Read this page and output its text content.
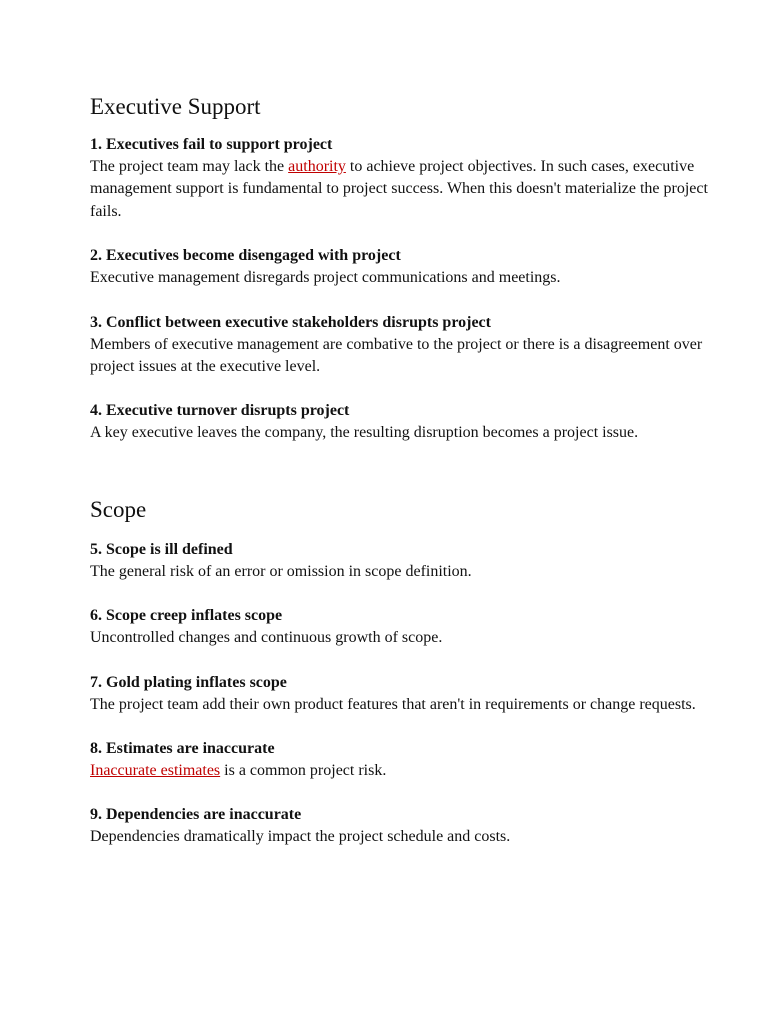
Executive Support

1. Executives fail to support project

The project team may lack the authority to achieve project objectives. In such cases, executive management support is fundamental to project success. When this doesn't materialize the project fails.

2. Executives become disengaged with project

Executive management disregards project communications and meetings.

3. Conflict between executive stakeholders disrupts project

Members of executive management are combative to the project or there is a disagreement over project issues at the executive level.

4. Executive turnover disrupts project

A key executive leaves the company, the resulting disruption becomes a project issue.

Scope

5. Scope is ill defined

The general risk of an error or omission in scope definition.

6. Scope creep inflates scope

Uncontrolled changes and continuous growth of scope.

7. Gold plating inflates scope

The project team add their own product features that aren't in requirements or change requests.

8. Estimates are inaccurate

Inaccurate estimates is a common project risk.

9. Dependencies are inaccurate

Dependencies dramatically impact the project schedule and costs.
